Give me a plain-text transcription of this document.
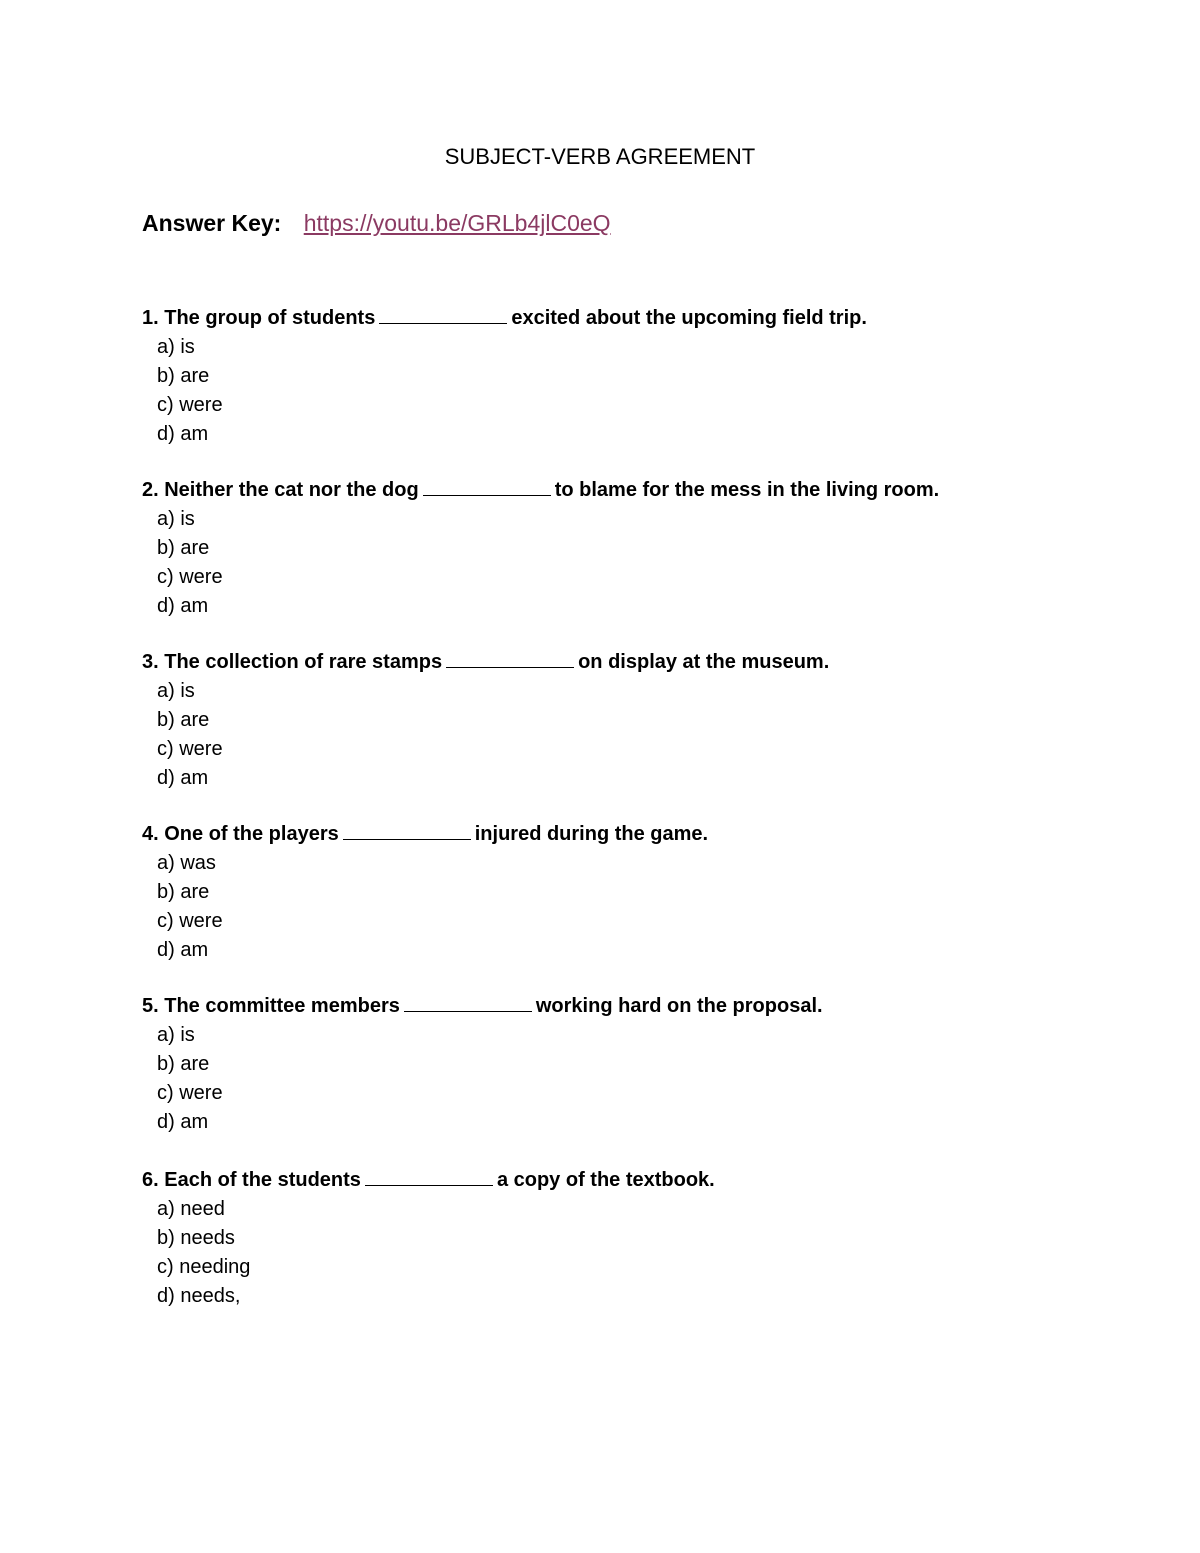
SUBJECT-VERB AGREEMENT
Answer Key: https://youtu.be/GRLb4jlC0eQ
1. The group of students	excited about the upcoming field trip.
a) is
b) are
c) were
d) am
2. Neither the cat nor the dog	to blame for the mess in the living room.
a) is
b) are
c) were
d) am
3. The collection of rare stamps	on display at the museum.
a) is
b) are
c) were
d) am
4. One of the players	injured during the game.
a) was
b) are
c) were
d) am
5. The committee members	working hard on the proposal.
a) is
b) are
c) were
d) am
6. Each of the students	a copy of the textbook.
a) need
b) needs
c) needing
d) needs,
